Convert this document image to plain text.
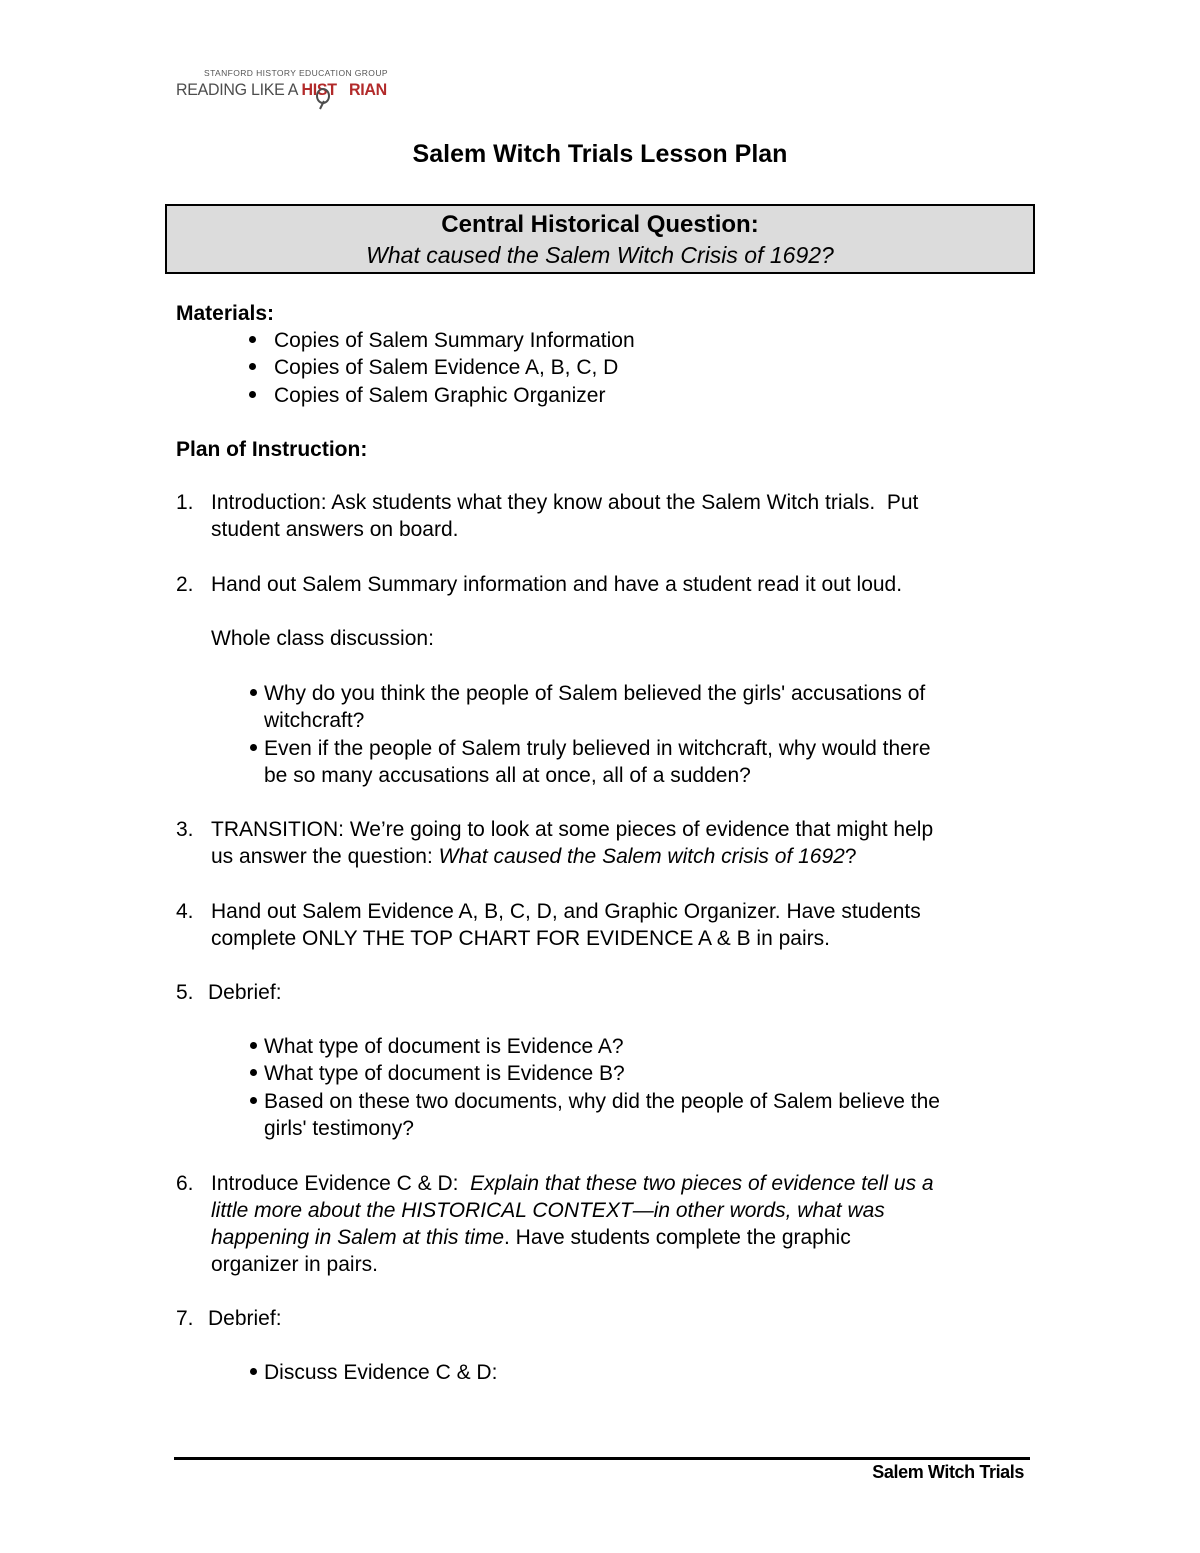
STANFORD HISTORY EDUCATION GROUP
READING LIKE A HIST RIAN
Salem Witch Trials Lesson Plan
Central Historical Question:
What caused the Salem Witch Crisis of 1692?
Materials:
Copies of Salem Summary Information
Copies of Salem Evidence A, B, C, D
Copies of Salem Graphic Organizer
Plan of Instruction:
1. Introduction: Ask students what they know about the Salem Witch trials.  Put
student answers on board.
2. Hand out Salem Summary information and have a student read it out loud.
Whole class discussion:
Why do you think the people of Salem believed the girls' accusations of
witchcraft?
Even if the people of Salem truly believed in witchcraft, why would there
be so many accusations all at once, all of a sudden?
3. TRANSITION: We’re going to look at some pieces of evidence that might help
us answer the question: What caused the Salem witch crisis of 1692?
4. Hand out Salem Evidence A, B, C, D, and Graphic Organizer. Have students
complete ONLY THE TOP CHART FOR EVIDENCE A & B in pairs.
5. Debrief:
What type of document is Evidence A?
What type of document is Evidence B?
Based on these two documents, why did the people of Salem believe the
girls' testimony?
6. Introduce Evidence C & D:  Explain that these two pieces of evidence tell us a
little more about the HISTORICAL CONTEXT—in other words, what was
happening in Salem at this time. Have students complete the graphic
organizer in pairs.
7. Debrief:
Discuss Evidence C & D:
Salem Witch Trials
